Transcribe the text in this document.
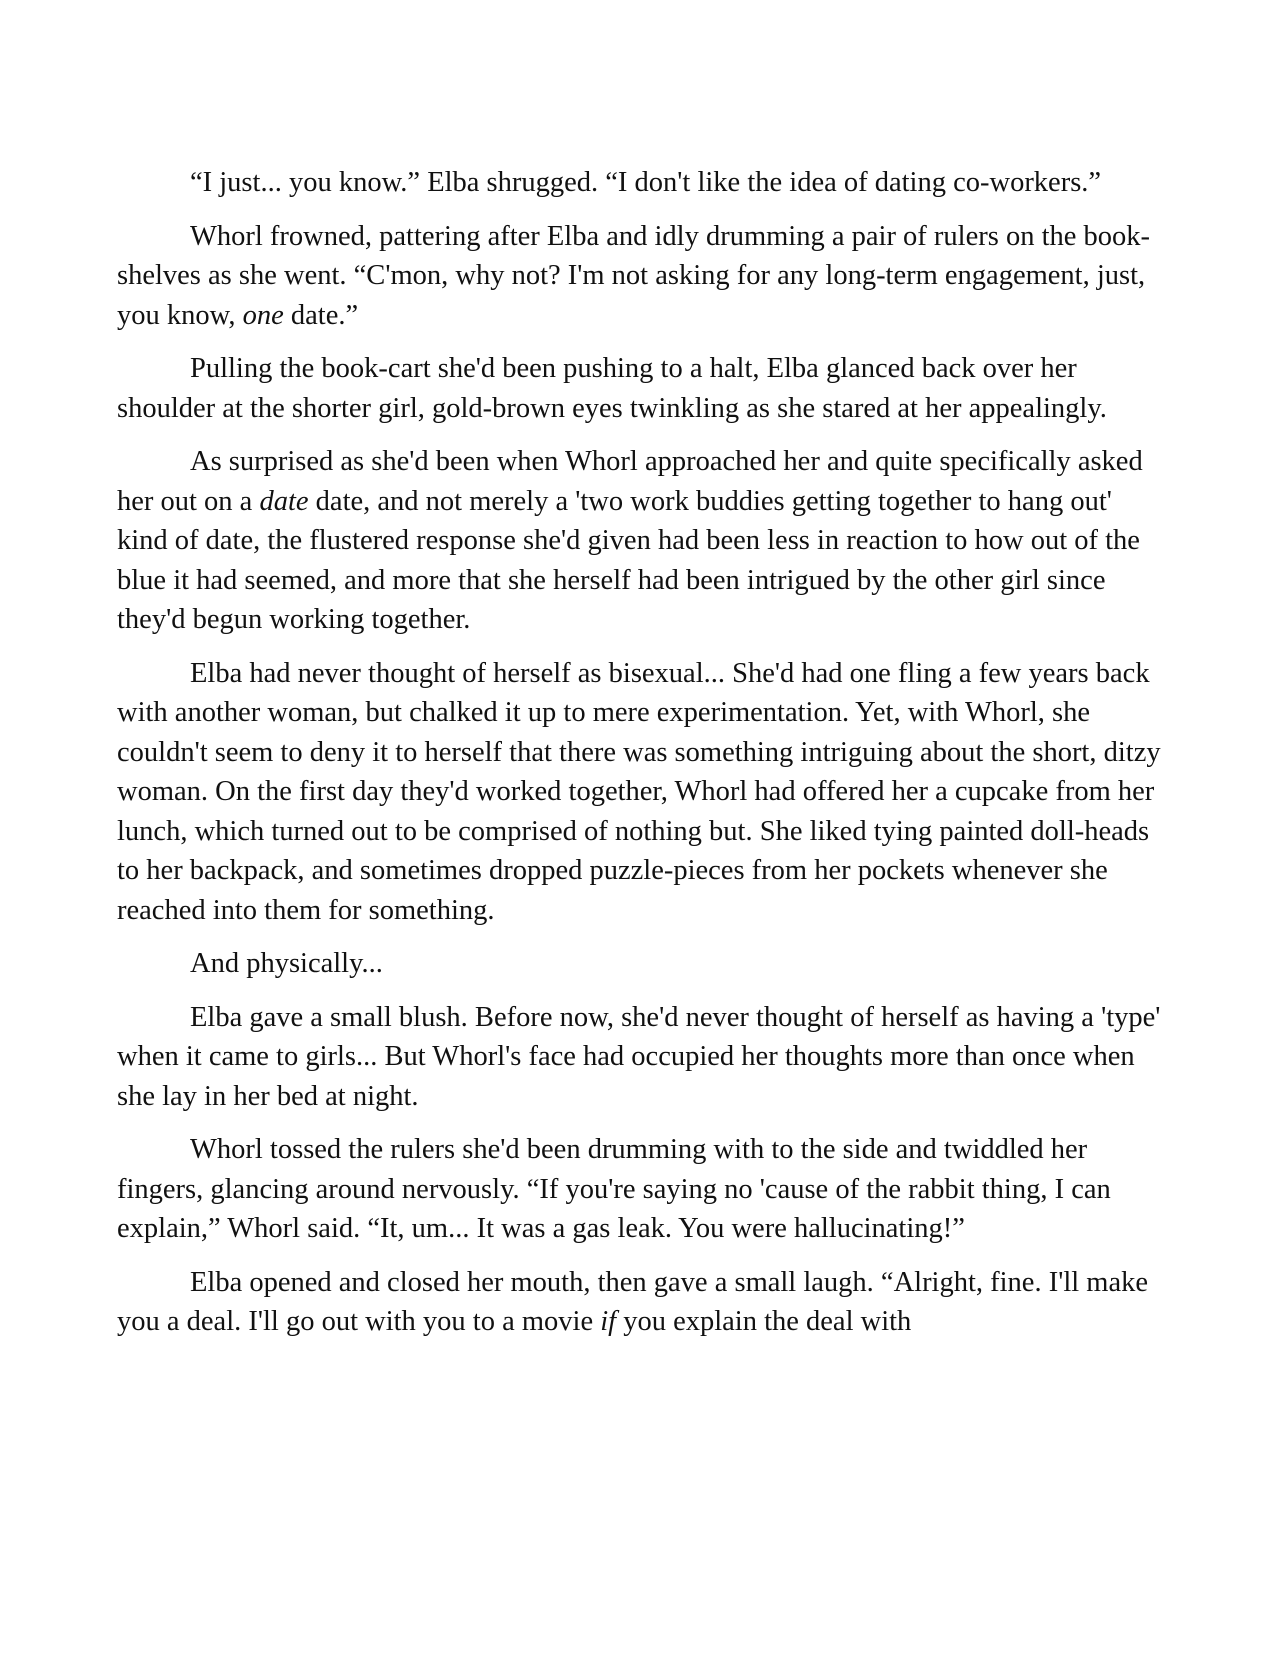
“I just... you know.” Elba shrugged. “I don't like the idea of dating co-workers.”

Whorl frowned, pattering after Elba and idly drumming a pair of rulers on the book-shelves as she went. “C'mon, why not? I'm not asking for any long-term engagement, just, you know, one date.”

Pulling the book-cart she'd been pushing to a halt, Elba glanced back over her shoulder at the shorter girl, gold-brown eyes twinkling as she stared at her appealingly.

As surprised as she'd been when Whorl approached her and quite specifically asked her out on a date date, and not merely a 'two work buddies getting together to hang out' kind of date, the flustered response she'd given had been less in reaction to how out of the blue it had seemed, and more that she herself had been intrigued by the other girl since they'd begun working together.

Elba had never thought of herself as bisexual... She'd had one fling a few years back with another woman, but chalked it up to mere experimentation. Yet, with Whorl, she couldn't seem to deny it to herself that there was something intriguing about the short, ditzy woman. On the first day they'd worked together, Whorl had offered her a cupcake from her lunch, which turned out to be comprised of nothing but. She liked tying painted doll-heads to her backpack, and sometimes dropped puzzle-pieces from her pockets whenever she reached into them for something.

And physically...

Elba gave a small blush. Before now, she'd never thought of herself as having a 'type' when it came to girls... But Whorl's face had occupied her thoughts more than once when she lay in her bed at night.

Whorl tossed the rulers she'd been drumming with to the side and twiddled her fingers, glancing around nervously. “If you're saying no 'cause of the rabbit thing, I can explain,” Whorl said. “It, um... It was a gas leak. You were hallucinating!”

Elba opened and closed her mouth, then gave a small laugh. “Alright, fine. I'll make you a deal. I'll go out with you to a movie if you explain the deal with
